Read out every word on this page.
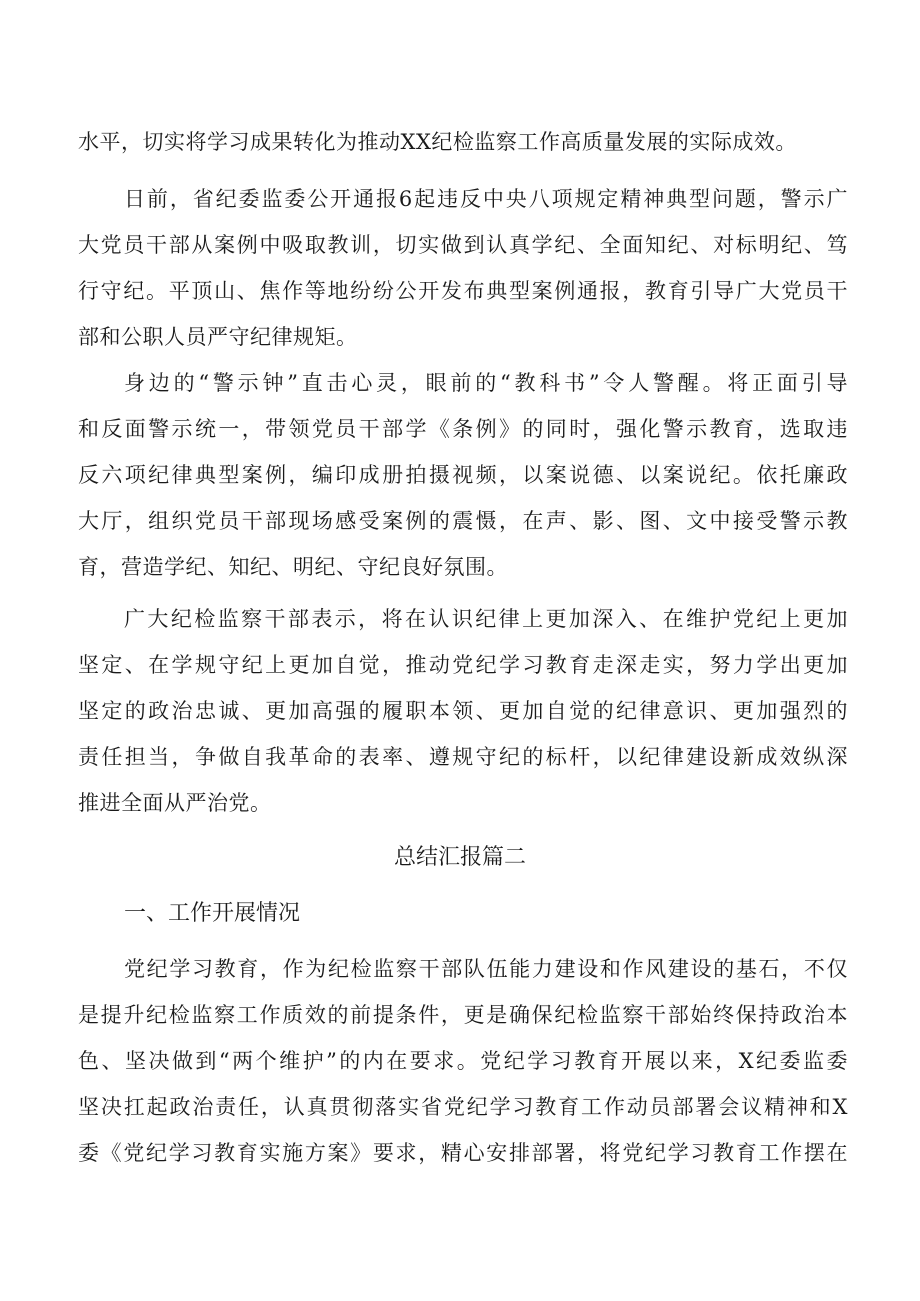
水平，切实将学习成果转化为推动XX纪检监察工作高质量发展的实际成效。
日前，省纪委监委公开通报6起违反中央八项规定精神典型问题，警示广
大党员干部从案例中吸取教训，切实做到认真学纪、全面知纪、对标明纪、笃
行守纪。平顶山、焦作等地纷纷公开发布典型案例通报，教育引导广大党员干
部和公职人员严守纪律规矩。
身边的“警示钟”直击心灵，眼前的“教科书”令人警醒。将正面引导
和反面警示统一，带领党员干部学《条例》的同时，强化警示教育，选取违
反六项纪律典型案例，编印成册拍摄视频，以案说德、以案说纪。依托廉政
大厅，组织党员干部现场感受案例的震慑，在声、影、图、文中接受警示教
育，营造学纪、知纪、明纪、守纪良好氛围。
广大纪检监察干部表示，将在认识纪律上更加深入、在维护党纪上更加
坚定、在学规守纪上更加自觉，推动党纪学习教育走深走实，努力学出更加
坚定的政治忠诚、更加高强的履职本领、更加自觉的纪律意识、更加强烈的
责任担当，争做自我革命的表率、遵规守纪的标杆，以纪律建设新成效纵深
推进全面从严治党。
总结汇报篇二
一、工作开展情况
党纪学习教育，作为纪检监察干部队伍能力建设和作风建设的基石，不仅
是提升纪检监察工作质效的前提条件，更是确保纪检监察干部始终保持政治本
色、坚决做到“两个维护”的内在要求。党纪学习教育开展以来，X纪委监委
坚决扛起政治责任，认真贯彻落实省党纪学习教育工作动员部署会议精神和X
委《党纪学习教育实施方案》要求，精心安排部署，将党纪学习教育工作摆在
